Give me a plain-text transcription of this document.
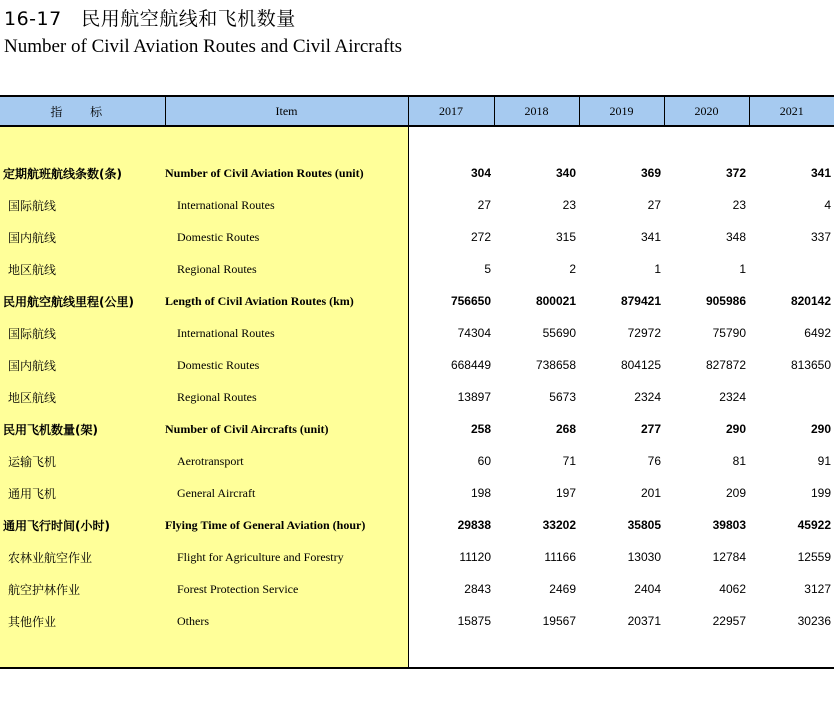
16-17　民用航空航线和飞机数量
Number of Civil Aviation Routes and Civil Aircrafts
指 标	Item	2017	2018	2019	2020	2021

定期航班航线条数(条)	Number of Civil Aviation Routes (unit)	304	340	369	372	341
国际航线	International Routes	27	23	27	23	4
国内航线	Domestic Routes	272	315	341	348	337
地区航线	Regional Routes	5	2	1	1	
民用航空航线里程(公里)	Length of Civil Aviation Routes (km)	756650	800021	879421	905986	820142
国际航线	International Routes	74304	55690	72972	75790	6492
国内航线	Domestic Routes	668449	738658	804125	827872	813650
地区航线	Regional Routes	13897	5673	2324	2324	
民用飞机数量(架)	Number of Civil Aircrafts (unit)	258	268	277	290	290
运输飞机	Aerotransport	60	71	76	81	91
通用飞机	General Aircraft	198	197	201	209	199
通用飞行时间(小时)	Flying Time of General Aviation (hour)	29838	33202	35805	39803	45922
农林业航空作业	Flight for Agriculture and Forestry	11120	11166	13030	12784	12559
航空护林作业	Forest Protection Service	2843	2469	2404	4062	3127
其他作业	Others	15875	19567	20371	22957	30236
